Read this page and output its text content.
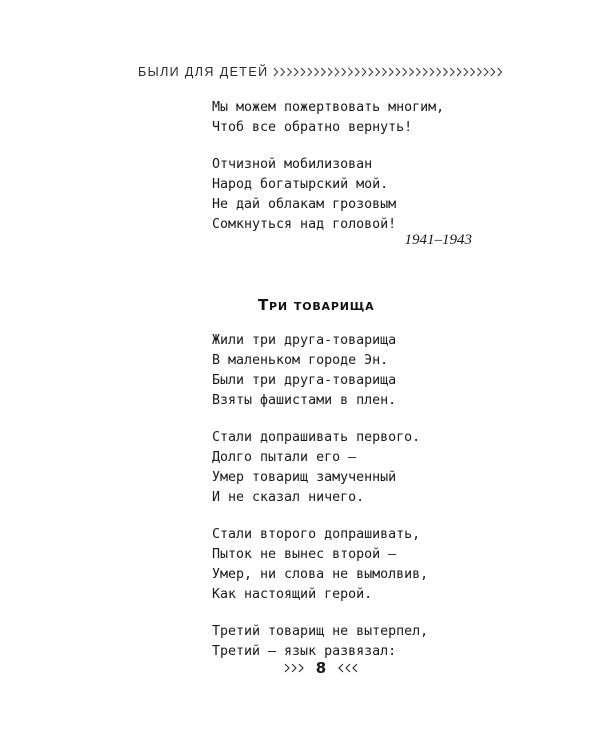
БЫЛИ ДЛЯ ДЕТЕЙ
Мы можем пожертвовать многим,
Чтоб все обратно вернуть!
Отчизной мобилизован
Народ богатырский мой.
Не дай облакам грозовым
Сомкнуться над головой!
1941–1943
Три товарища
Жили три друга-товарища
В маленьком городе Эн.
Были три друга-товарища
Взяты фашистами в плен.
Стали допрашивать первого.
Долго пытали его —
Умер товарищ замученный
И не сказал ничего.
Стали второго допрашивать,
Пыток не вынес второй —
Умер, ни слова не вымолвив,
Как настоящий герой.
Третий товарищ не вытерпел,
Третий — язык развязал:
8
